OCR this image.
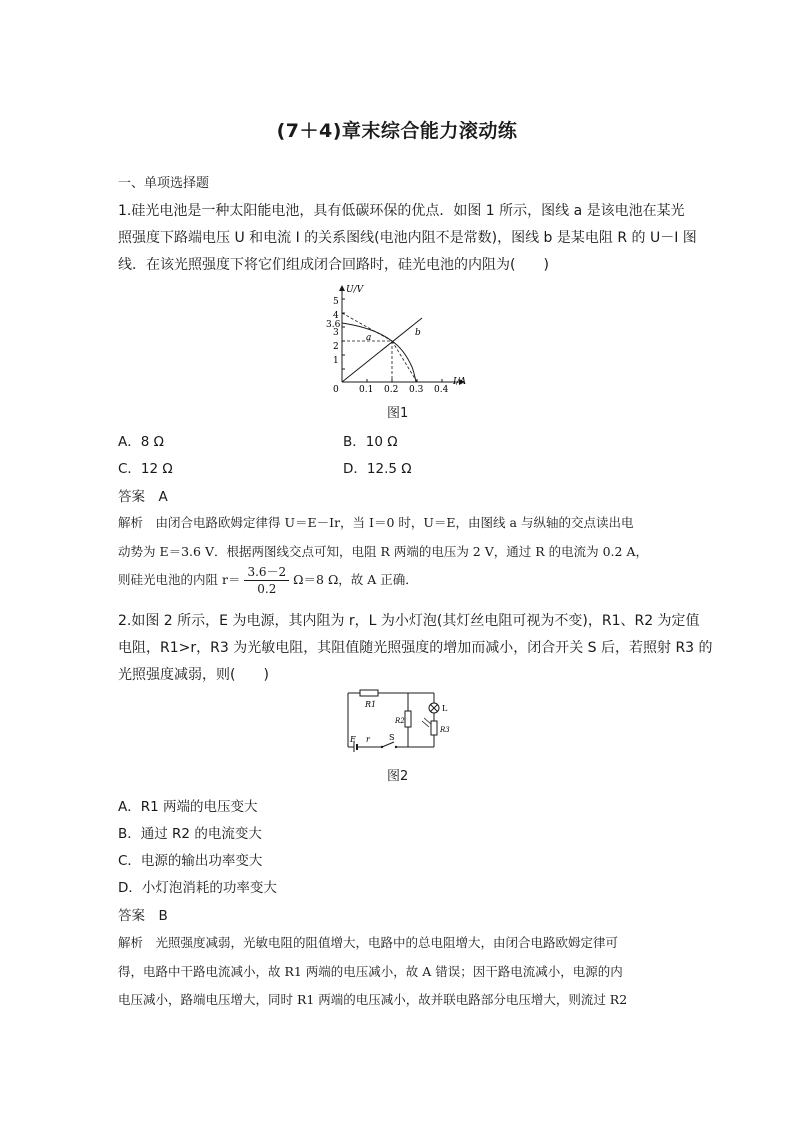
(7＋4)章末综合能力滚动练
一、单项选择题
1.硅光电池是一种太阳能电池，具有低碳环保的优点．如图 1 所示，图线 a 是该电池在某光
照强度下路端电压 U 和电流 I 的关系图线(电池内阻不是常数)，图线 b 是某电阻 R 的 U－I 图
线．在该光照强度下将它们组成闭合回路时，硅光电池的内阻为(　　)
U/V
I/A
0
1
2
3
3.6
4
5
0.1 0.2 0.3 0.4
a	b
图1
A．8 Ω	B．10 Ω
C．12 Ω	D．12.5 Ω
答案　A
解析　由闭合电路欧姆定律得 U＝E－Ir，当 I＝0 时，U＝E，由图线 a 与纵轴的交点读出电
动势为 E＝3.6 V．根据两图线交点可知，电阻 R 两端的电压为 2 V，通过 R 的电流为 0.2 A，
则硅光电池的内阻 $r= \frac{3.6-2}{0.2} \Omega=8$ Ω，故 A 正确．
2.如图 2 所示，E 为电源，其内阻为 r，L 为小灯泡(其灯丝电阻可视为不变)，R1、R2 为定值
电阻，R1>r，R3 为光敏电阻，其阻值随光照强度的增加而减小，闭合开关 S 后，若照射 R3 的
光照强度减弱，则(　　)
R1
E r S
R2
L
R3
图2
A．R1 两端的电压变大
B．通过 R2 的电流变大
C．电源的输出功率变大
D．小灯泡消耗的功率变大
答案　B
解析　光照强度减弱，光敏电阻的阻值增大，电路中的总电阻增大，由闭合电路欧姆定律可
得，电路中干路电流减小，故 R1 两端的电压减小，故 A 错误；因干路电流减小，电源的内
电压减小，路端电压增大，同时 R1 两端的电压减小，故并联电路部分电压增大，则流过 R2
